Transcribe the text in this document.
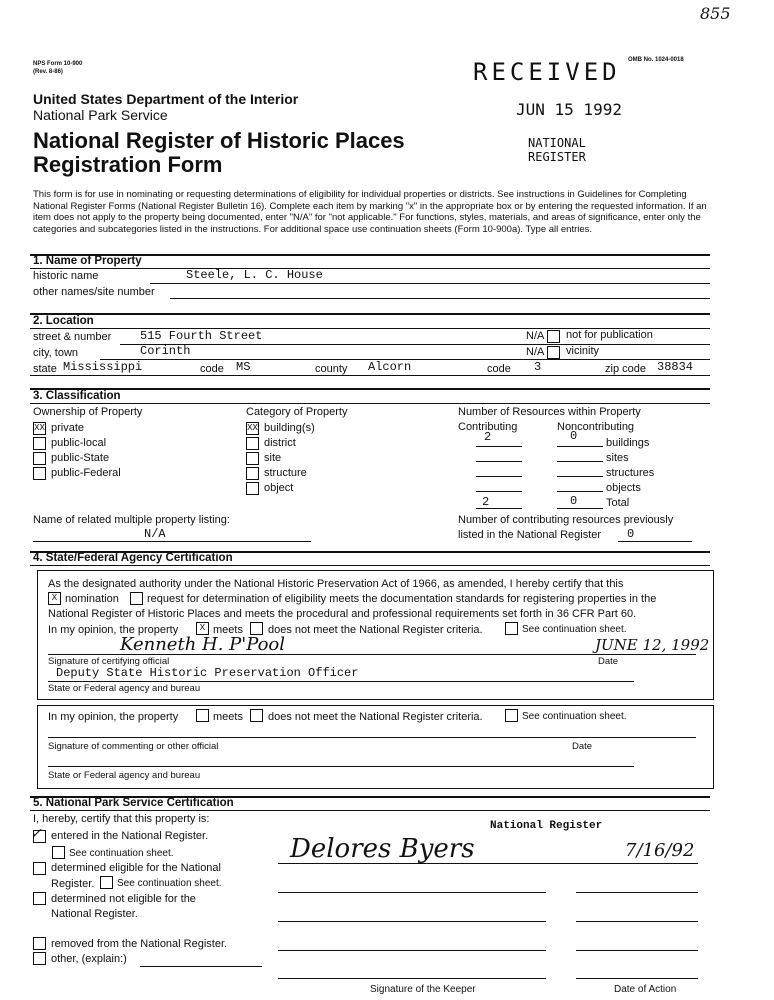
855
NPS Form 10-900
(Rev. 8-86)	RECEIVED
JUN 15 1992
NATIONAL
REGISTER
OMB No. 1024-0018
United States Department of the Interior
National Park Service
National Register of Historic Places
Registration Form
This form is for use in nominating or requesting determinations of eligibility for individual properties or districts. See instructions in Guidelines for Completing National Register Forms (National Register Bulletin 16). Complete each item by marking "x" in the appropriate box or by entering the requested information. If an item does not apply to the property being documented, enter "N/A" for "not applicable." For functions, styles, materials, and areas of significance, enter only the categories and subcategories listed in the instructions. For additional space use continuation sheets (Form 10-900a). Type all entries.
1. Name of Property
historic name	Steele, L. C. House
other names/site number
2. Location
street & number 515 Fourth Street	N/A not for publication
city, town	Corinth	N/A vicinity
state Mississippi	code MS	county Alcorn	code 3	zip code 38834
3. Classification
Ownership of Property
XX private
public-local
public-State
public-Federal
Category of Property
XX building(s)
district
site
structure
object
Number of Resources within Property
Contributing	Noncontributing
2	0	buildings
sites
structures
objects
2	0	Total
Name of related multiple property listing:
N/A
Number of contributing resources previously
listed in the National Register 0
4. State/Federal Agency Certification
As the designated authority under the National Historic Preservation Act of 1966, as amended, I hereby certify that this
X nomination	request for determination of eligibility meets the documentation standards for registering properties in the
National Register of Historic Places and meets the procedural and professional requirements set forth in 36 CFR Part 60.
In my opinion, the property	X meets does not meet the National Register criteria.	See continuation sheet.
Kenneth H. P'Pool	JUNE 12, 1992
Signature of certifying official	Date
Deputy State Historic Preservation Officer
State or Federal agency and bureau
In my opinion, the property	meets does not meet the National Register criteria.	See continuation sheet.
Signature of commenting or other official	Date
State or Federal agency and bureau
5. National Park Service Certification
I, hereby, certify that this property is:
✓ entered in the National Register.
See continuation sheet.
determined eligible for the National
Register. See continuation sheet.
determined not eligible for the
National Register.
removed from the National Register.
other, (explain:)
National Register
Delores Byers	7/16/92
Signature of the Keeper	Date of Action
